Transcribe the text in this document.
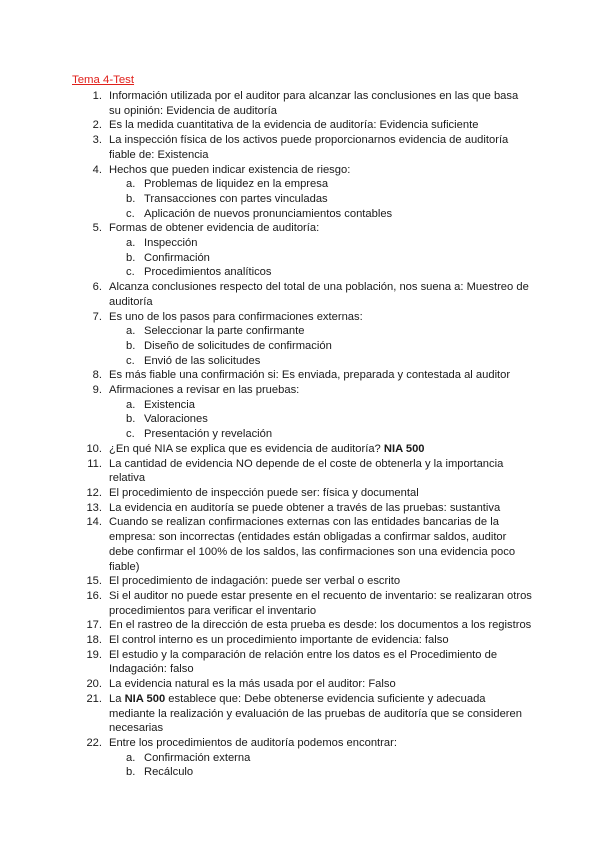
Tema 4-Test
1. Información utilizada por el auditor para alcanzar las conclusiones en las que basa su opinión: Evidencia de auditoría
2. Es la medida cuantitativa de la evidencia de auditoría: Evidencia suficiente
3. La inspección física de los activos puede proporcionarnos evidencia de auditoría fiable de: Existencia
4. Hechos que pueden indicar existencia de riesgo:
a. Problemas de liquidez en la empresa
b. Transacciones con partes vinculadas
c. Aplicación de nuevos pronunciamientos contables
5. Formas de obtener evidencia de auditoría:
a. Inspección
b. Confirmación
c. Procedimientos analíticos
6. Alcanza conclusiones respecto del total de una población, nos suena a: Muestreo de auditoría
7. Es uno de los pasos para confirmaciones externas:
a. Seleccionar la parte confirmante
b. Diseño de solicitudes de confirmación
c. Envió de las solicitudes
8. Es más fiable una confirmación si: Es enviada, preparada y contestada al auditor
9. Afirmaciones a revisar en las pruebas:
a. Existencia
b. Valoraciones
c. Presentación y revelación
10. ¿En qué NIA se explica que es evidencia de auditoría? NIA 500
11. La cantidad de evidencia NO depende de el coste de obtenerla y la importancia relativa
12. El procedimiento de inspección puede ser: física y documental
13. La evidencia en auditoría se puede obtener a través de las pruebas: sustantiva
14. Cuando se realizan confirmaciones externas con las entidades bancarias de la empresa: son incorrectas (entidades están obligadas a confirmar saldos, auditor debe confirmar el 100% de los saldos, las confirmaciones son una evidencia poco fiable)
15. El procedimiento de indagación: puede ser verbal o escrito
16. Si el auditor no puede estar presente en el recuento de inventario: se realizaran otros procedimientos para verificar el inventario
17. En el rastreo de la dirección de esta prueba es desde: los documentos a los registros
18. El control interno es un procedimiento importante de evidencia: falso
19. El estudio y la comparación de relación entre los datos es el Procedimiento de Indagación: falso
20. La evidencia natural es la más usada por el auditor: Falso
21. La NIA 500 establece que: Debe obtenerse evidencia suficiente y adecuada mediante la realización y evaluación de las pruebas de auditoría que se consideren necesarias
22. Entre los procedimientos de auditoría podemos encontrar:
a. Confirmación externa
b. Recálculo
